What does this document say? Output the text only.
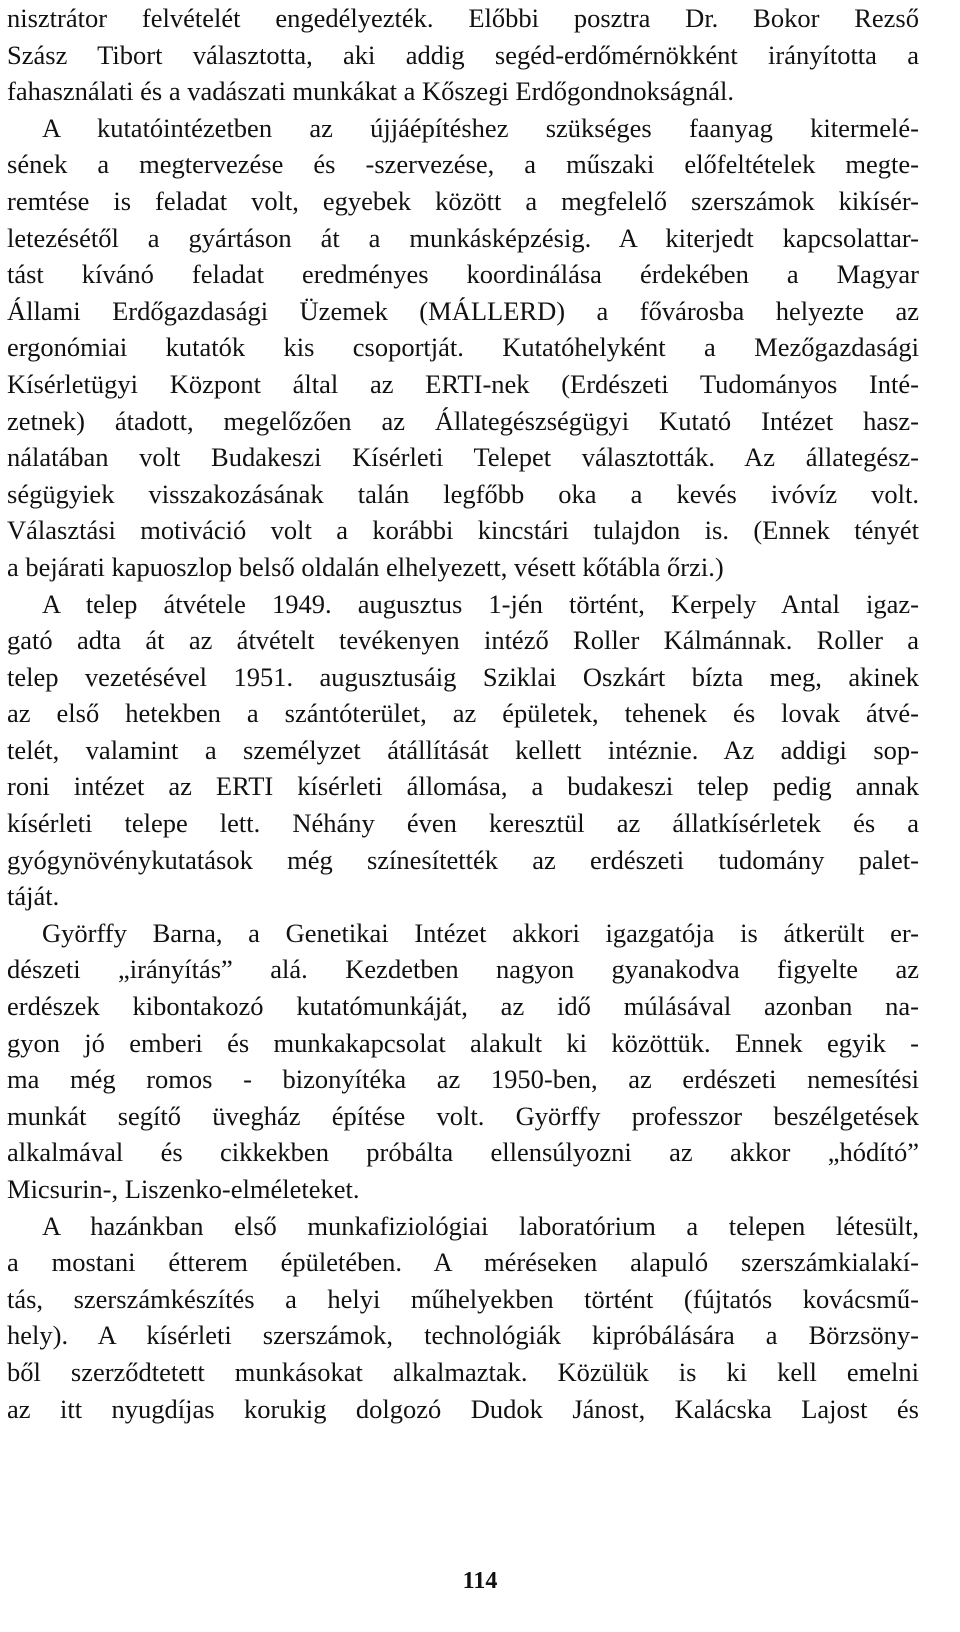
nisztrátor felvételét engedélyezték. Előbbi posztra Dr. Bokor Rezső
Szász Tibort választotta, aki addig segéd-erdőmérnökként irányította a
fahasználati és a vadászati munkákat a Kőszegi Erdőgondnokságnál.
A kutatóintézetben az újjáépítéshez szükséges faanyag kitermelé-
sének a megtervezése és -szervezése, a műszaki előfeltételek megte-
remtése is feladat volt, egyebek között a megfelelő szerszámok kikísér-
letezésétől a gyártáson át a munkásképzésig. A kiterjedt kapcsolattar-
tást kívánó feladat eredményes koordinálása érdekében a Magyar
Állami Erdőgazdasági Üzemek (MÁLLERD) a fővárosba helyezte az
ergonómiai kutatók kis csoportját. Kutatóhelyként a Mezőgazdasági
Kísérletügyi Központ által az ERTI-nek (Erdészeti Tudományos Inté-
zetnek) átadott, megelőzően az Állategészségügyi Kutató Intézet hasz-
nálatában volt Budakeszi Kísérleti Telepet választották. Az állategész-
ségügyiek visszakozásának talán legfőbb oka a kevés ivóvíz volt.
Választási motiváció volt a korábbi kincstári tulajdon is. (Ennek tényét
a bejárati kapuoszlop belső oldalán elhelyezett, vésett kőtábla őrzi.)
A telep átvétele 1949. augusztus 1-jén történt, Kerpely Antal igaz-
gató adta át az átvételt tevékenyen intéző Roller Kálmánnak. Roller a
telep vezetésével 1951. augusztusáig Sziklai Oszkárt bízta meg, akinek
az első hetekben a szántóterület, az épületek, tehenek és lovak átvé-
telét, valamint a személyzet átállítását kellett intéznie. Az addigi sop-
roni intézet az ERTI kísérleti állomása, a budakeszi telep pedig annak
kísérleti telepe lett. Néhány éven keresztül az állatkísérletek és a
gyógynövénykutatások még színesítették az erdészeti tudomány palet-
táját.
Györffy Barna, a Genetikai Intézet akkori igazgatója is átkerült er-
dészeti „irányítás” alá. Kezdetben nagyon gyanakodva figyelte az
erdészek kibontakozó kutatómunkáját, az idő múlásával azonban na-
gyon jó emberi és munkakapcsolat alakult ki közöttük. Ennek egyik -
ma még romos - bizonyítéka az 1950-ben, az erdészeti nemesítési
munkát segítő üvegház építése volt. Györffy professzor beszélgetések
alkalmával és cikkekben próbálta ellensúlyozni az akkor „hódító”
Micsurin-, Liszenko-elméleteket.
A hazánkban első munkafiziológiai laboratórium a telepen létesült,
a mostani étterem épületében. A méréseken alapuló szerszámkialakí-
tás, szerszámkészítés a helyi műhelyekben történt (fújtatós kovácsmű-
hely). A kísérleti szerszámok, technológiák kipróbálására a Börzsöny-
ből szerződtetett munkásokat alkalmaztak. Közülük is ki kell emelni
az itt nyugdíjas korukig dolgozó Dudok Jánost, Kalácska Lajost és
114
